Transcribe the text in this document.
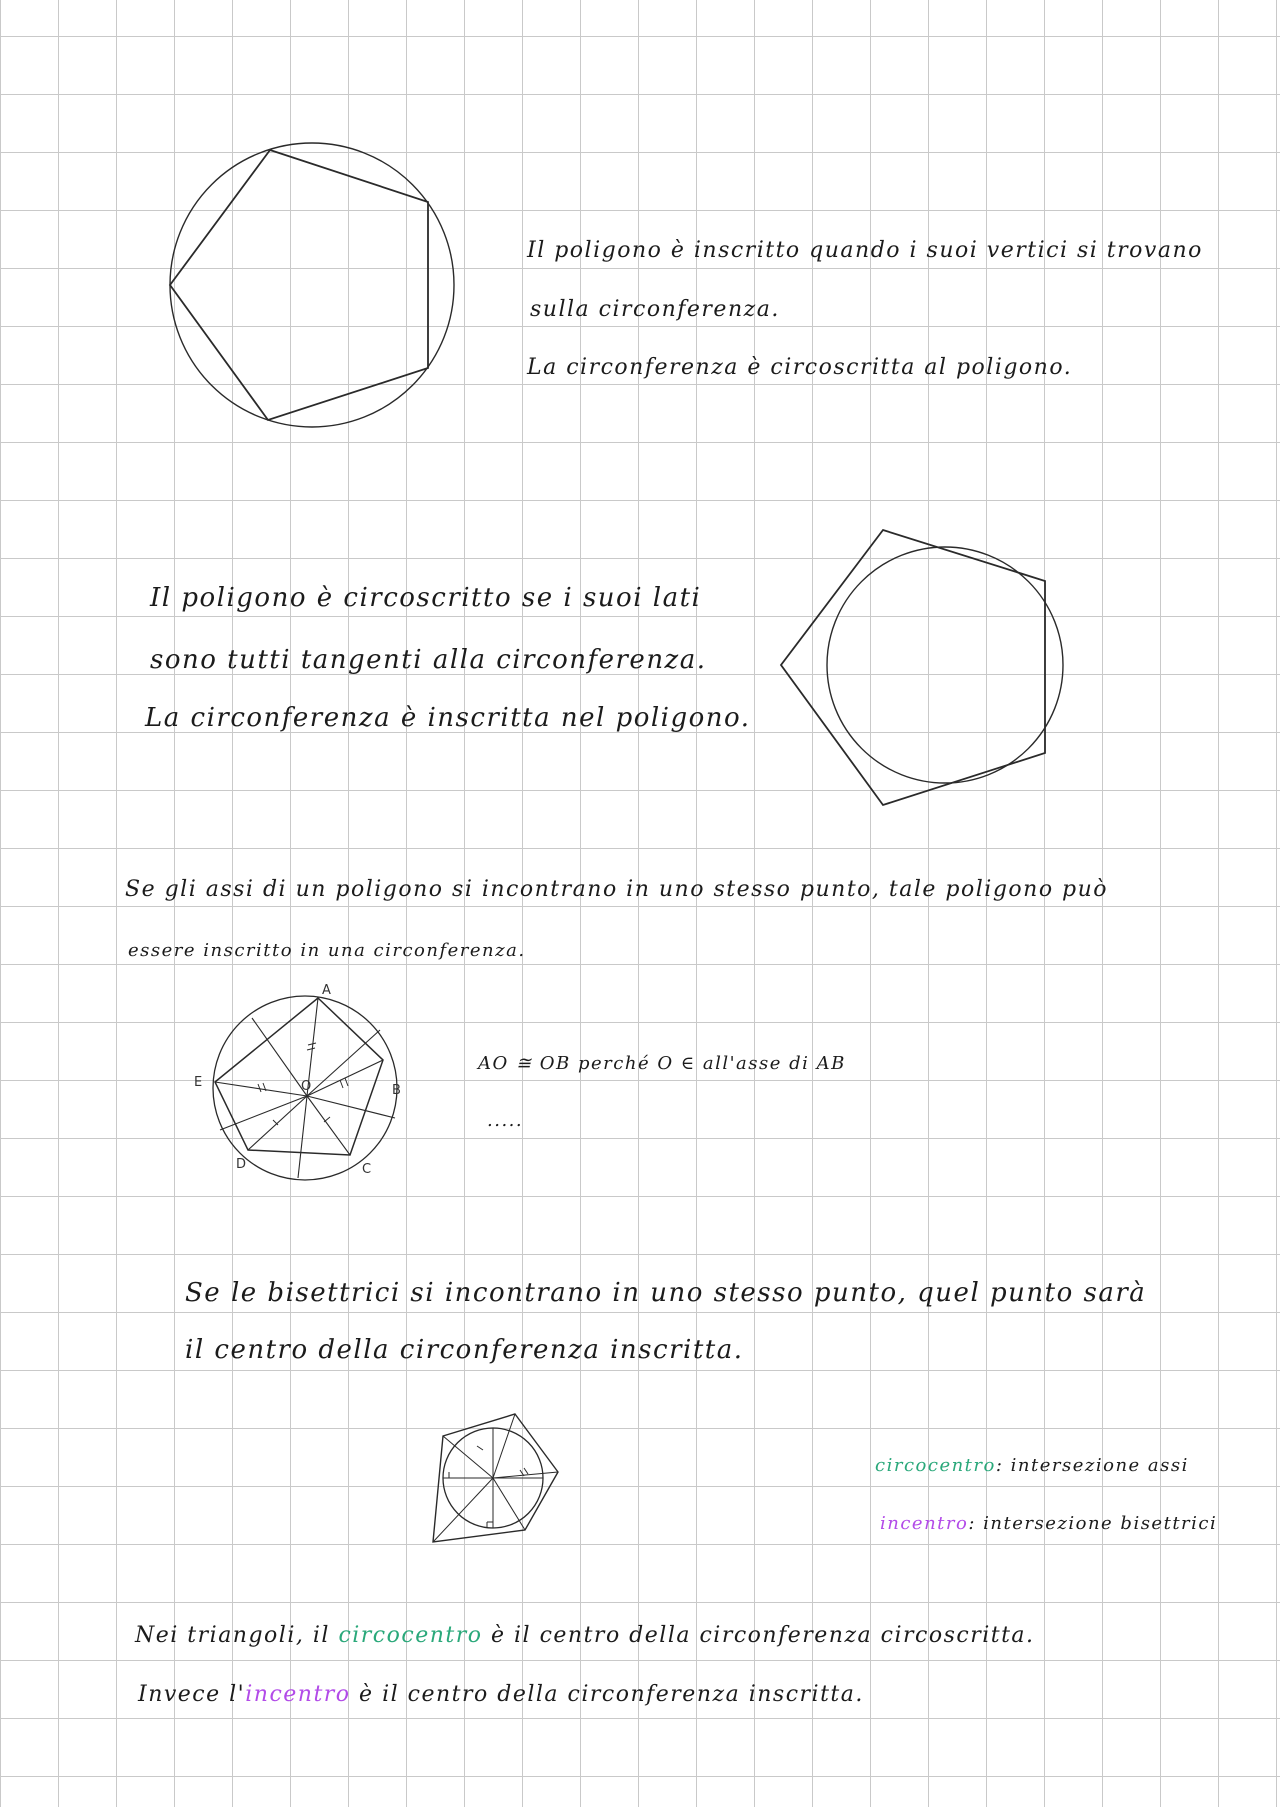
Il poligono è inscritto quando i suoi vertici si trovano

sulla circonferenza.

La circonferenza è circoscritta al poligono.

Il poligono è circoscritto se i suoi lati

sono tutti tangenti alla circonferenza.

La circonferenza è inscritta nel poligono.

Se gli assi di un poligono si incontrano in uno stesso punto, tale poligono può

essere inscritto in una circonferenza.

A
B
C
D
E	O

AO ≅ OB perché O ∈ all'asse di AB

.....

Se le bisettrici si incontrano in uno stesso punto, quel punto sarà

il centro della circonferenza inscritta.

circocentro: intersezione assi

incentro: intersezione bisettrici

Nei triangoli, il circocentro è il centro della circonferenza circoscritta.

Invece l'incentro è il centro della circonferenza inscritta.
